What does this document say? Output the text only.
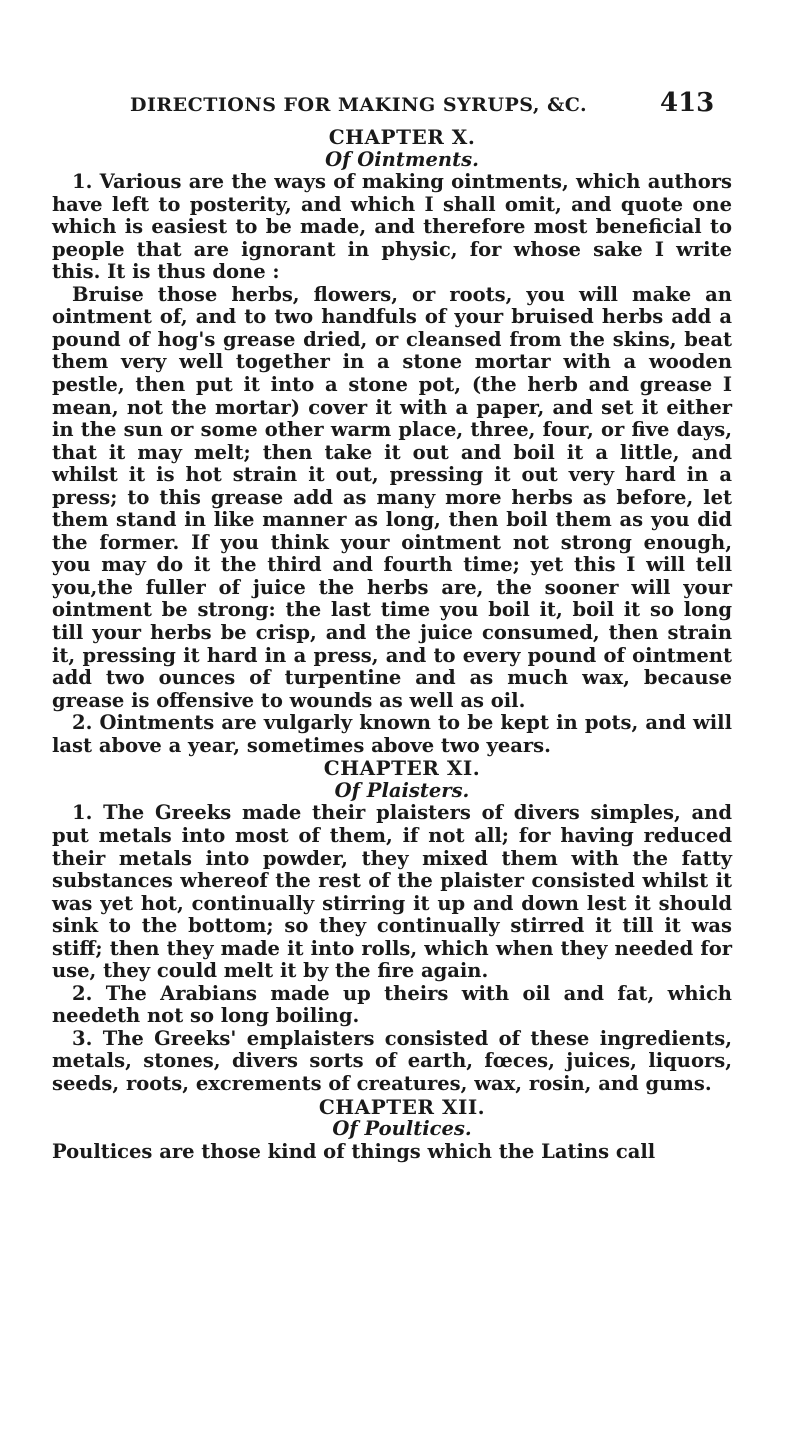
DIRECTIONS FOR MAKING SYRUPS, &C.	413

CHAPTER X.

Of Ointments.

1. Various are the ways of making ointments, which authors have left to posterity, and which I shall omit, and quote one which is easiest to be made, and therefore most beneficial to people that are ignorant in physic, for whose sake I write this. It is thus done :

Bruise those herbs, flowers, or roots, you will make an ointment of, and to two handfuls of your bruised herbs add a pound of hog's grease dried, or cleansed from the skins, beat them very well together in a stone mortar with a wooden pestle, then put it into a stone pot, (the herb and grease I mean, not the mortar) cover it with a paper, and set it either in the sun or some other warm place, three, four, or five days, that it may melt; then take it out and boil it a little, and whilst it is hot strain it out, pressing it out very hard in a press; to this grease add as many more herbs as before, let them stand in like manner as long, then boil them as you did the former. If you think your ointment not strong enough, you may do it the third and fourth time; yet this I will tell you,the fuller of juice the herbs are, the sooner will your ointment be strong: the last time you boil it, boil it so long till your herbs be crisp, and the juice consumed, then strain it, pressing it hard in a press, and to every pound of ointment add two ounces of turpentine and as much wax, because grease is offensive to wounds as well as oil.

2. Ointments are vulgarly known to be kept in pots, and will last above a year, sometimes above two years.

CHAPTER XI.

Of Plaisters.

1. The Greeks made their plaisters of divers simples, and put metals into most of them, if not all; for having reduced their metals into powder, they mixed them with the fatty substances whereof the rest of the plaister consisted whilst it was yet hot, continually stirring it up and down lest it should sink to the bottom; so they continually stirred it till it was stiff; then they made it into rolls, which when they needed for use, they could melt it by the fire again.

2. The Arabians made up theirs with oil and fat, which needeth not so long boiling.

3. The Greeks' emplaisters consisted of these ingredients, metals, stones, divers sorts of earth, fœces, juices, liquors, seeds, roots, excrements of creatures, wax, rosin, and gums.

CHAPTER XII.

Of Poultices.

Poultices are those kind of things which the Latins call
